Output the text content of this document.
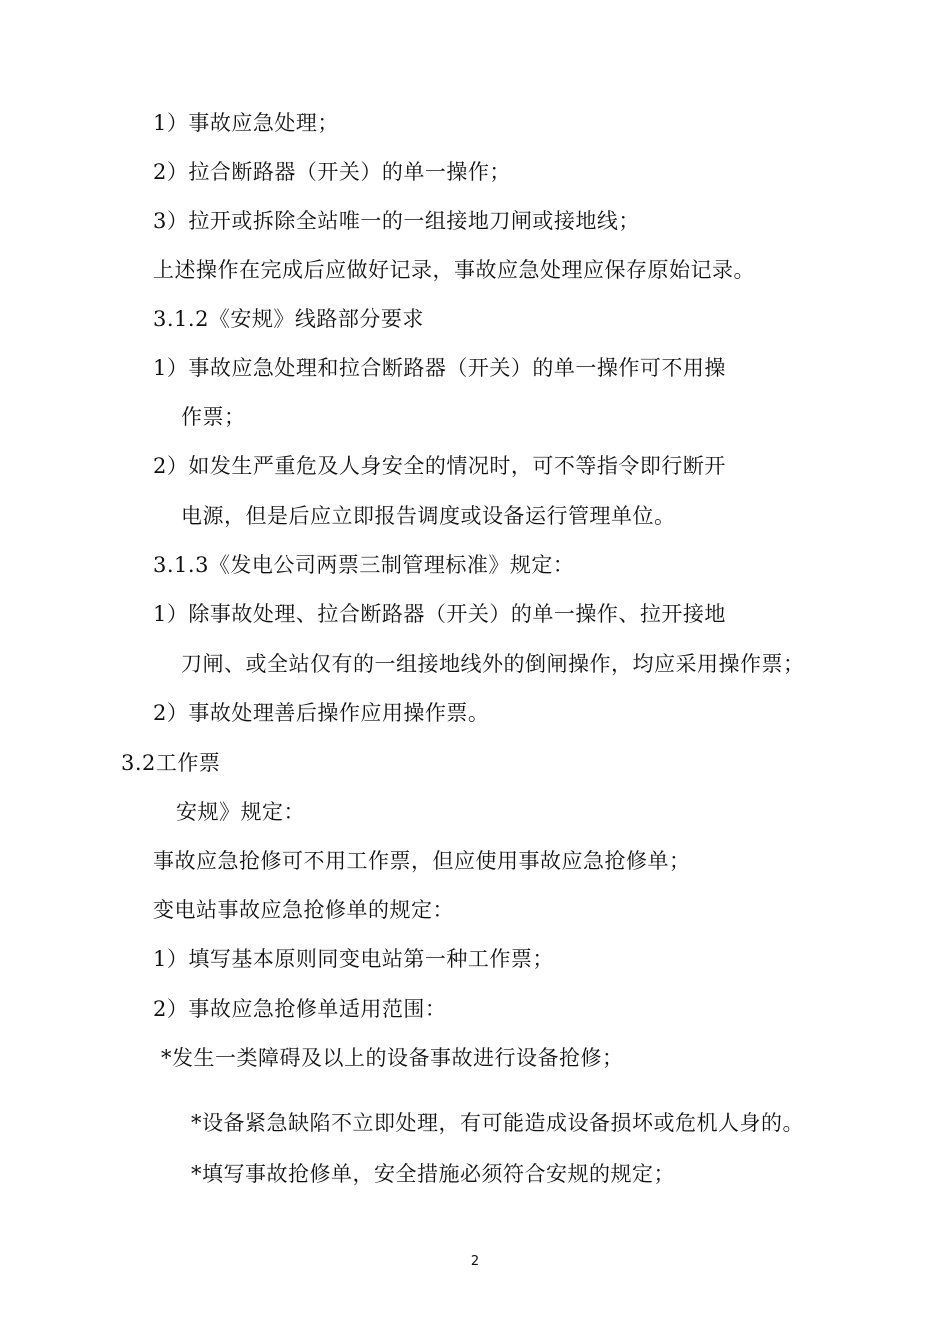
1）事故应急处理；
2）拉合断路器（开关）的单一操作；
3）拉开或拆除全站唯一的一组接地刀闸或接地线；
上述操作在完成后应做好记录，事故应急处理应保存原始记录。
3.1.2《安规》线路部分要求
1）事故应急处理和拉合断路器（开关）的单一操作可不用操
作票；
2）如发生严重危及人身安全的情况时，可不等指令即行断开
电源，但是后应立即报告调度或设备运行管理单位。
3.1.3《发电公司两票三制管理标准》规定：
1）除事故处理、拉合断路器（开关）的单一操作、拉开接地
刀闸、或全站仅有的一组接地线外的倒闸操作，均应采用操作票；
2）事故处理善后操作应用操作票。
3.2工作票
安规》规定：
事故应急抢修可不用工作票，但应使用事故应急抢修单；
变电站事故应急抢修单的规定：
1）填写基本原则同变电站第一种工作票；
2）事故应急抢修单适用范围：
*发生一类障碍及以上的设备事故进行设备抢修；
*设备紧急缺陷不立即处理，有可能造成设备损坏或危机人身的。
*填写事故抢修单，安全措施必须符合安规的规定；
2
